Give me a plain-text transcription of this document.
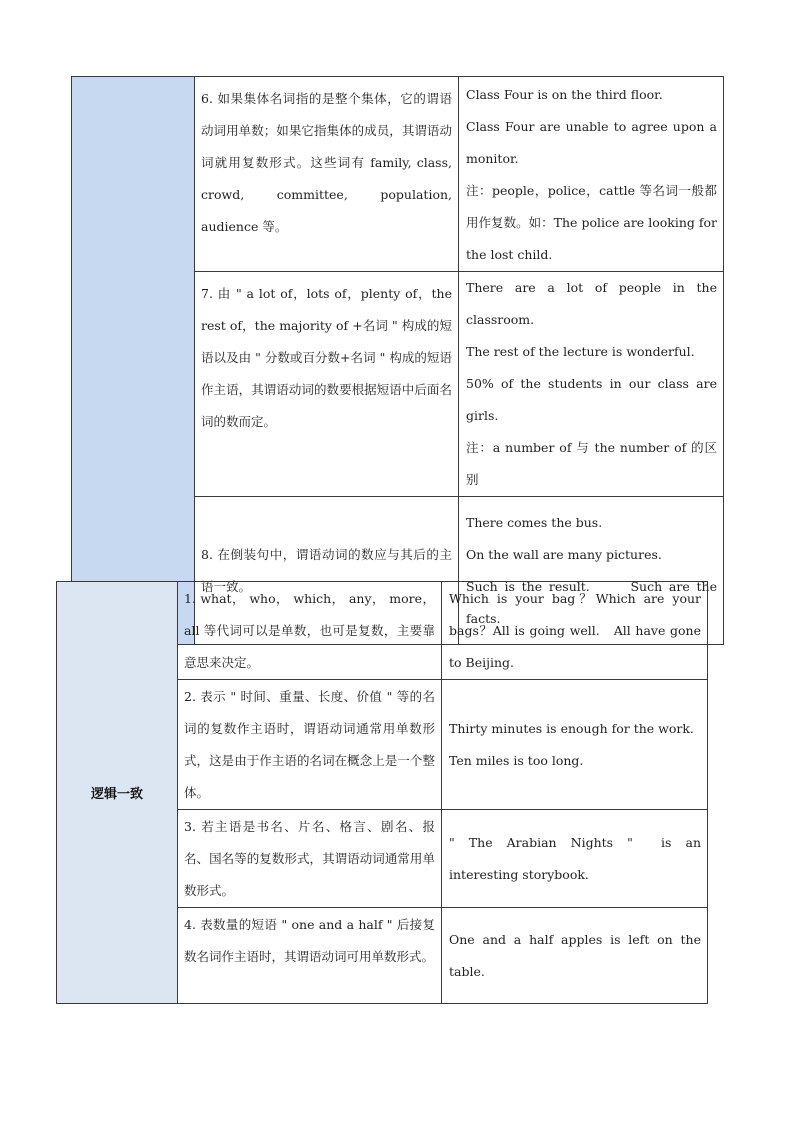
	6. 如果集体名词指的是整个集体，它的谓语动词用单数；如果它指集体的成员，其谓语动词就用复数形式。这些词有 family, class, crowd, committee, population, audience 等。	Class Four is on the third floor.

Class Four are unable to agree upon a monitor.

注：people，police，cattle 等名词一般都用作复数。如：The police are looking for the lost child.

	7. 由 " a lot of，lots of，plenty of，the rest of，the majority of +名词 " 构成的短语以及由 " 分数或百分数+名词 " 构成的短语作主语，其谓语动词的数要根据短语中后面名词的数而定。	There are a lot of people in the classroom.

The rest of the lecture is wonderful.

50% of the students in our class are girls.

注：a number of 与 the number of 的区别

	8. 在倒装句中，谓语动词的数应与其后的主语一致。	There comes the bus.

On the wall are many pictures.

Such is the result.      Such are the facts.

逻辑一致	1. what， who， which， any， more， all 等代词可以是单数，也可是复数，主要靠意思来决定。	Which is your bag？Which are your bags？All is going well.   All have gone to Beijing.

	2. 表示 " 时间、重量、长度、价值 " 等的名词的复数作主语时，谓语动词通常用单数形式，这是由于作主语的名词在概念上是一个整体。	Thirty minutes is enough for the work.

Ten miles is too long.

	3. 若主语是书名、片名、格言、剧名、报名、国名等的复数形式，其谓语动词通常用单数形式。	" The Arabian Nights "  is an interesting storybook.

	4. 表数量的短语 " one and a half " 后接复数名词作主语时，其谓语动词可用单数形式。	One and a half apples is left on the table.
